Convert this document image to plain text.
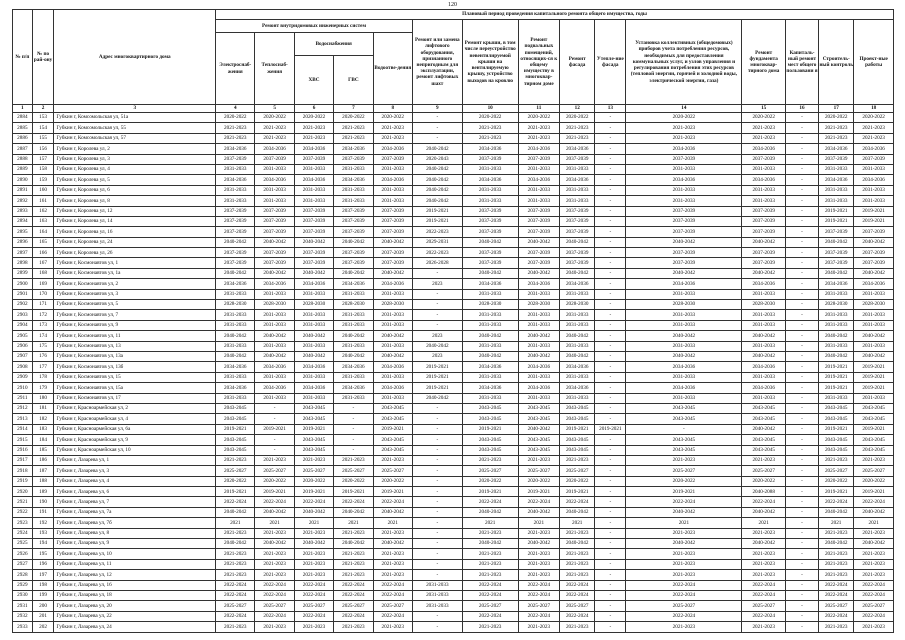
120
№ п/п	№ по рай-ону	Адрес многоквартирного дома	Плановый период проведения капитального ремонта общего имущества, годы														
			Ремонт внутридомовых инженерных систем					Ремонт или замена лифтового оборудования, признанного непригодным для эксплуатации, ремонт лифтовых шахт	Ремонт крыши, в том числе переустройство невентилируемой крыши на вентилируемую крышу, устройство выходов на кровлю	Ремонт подвальных помещений, относящих-ся к общему имуществу в многоквар-тирном доме	Ремонт фасада	Утепле-ние фасада	Установка коллективных (общедомовых) приборов учета потребления ресурсов, необходимых для предоставления коммунальных услуг, и узлов управления и регулирования потребления этих ресурсов (тепловой энергии, горячей и холодной воды, электрической энергии, газа)	Ремонт фундамента многоквар-тирного дома	Капиталь-ный ремонт мест общего пользовани я	Строитель-ный контроль	Проект-ные работы
			Электроснаб-жения	Теплоснаб-жения	Водоснабжения		Водоотве-дения										
					ХВС	ГВС											
1	2	3	4	5	6	7	8	9	10	11	12	13	14	15	16	17	18
2884	153	Губкин г, Комсомольская ул, 51а	2020-2022	2020-2022	2020-2022	2020-2022	2020-2022	-	2020-2022	2020-2022	2020-2022	-	2020-2022	2020-2022	-	2020-2022	2020-2022
2885	154	Губкин г, Комсомольская ул, 55	2021-2023	2021-2023	2021-2023	2021-2023	2021-2023	-	2021-2023	2021-2023	2021-2023	-	2021-2023	2021-2023	-	2021-2023	2021-2023
2886	155	Губкин г, Комсомольская ул, 57	2021-2023	2021-2023	2021-2023	2021-2023	2021-2023	-	2021-2023	2021-2023	2021-2023	-	2021-2023	2021-2023	-	2021-2023	2021-2023
2887	156	Губкин г, Королева ул, 2	2034-2036	2034-2036	2034-2036	2034-2036	2034-2036	2040-2042	2034-2036	2034-2036	2034-2036	-	2034-2036	2034-2036	-	2034-2036	2034-2036
2888	157	Губкин г, Королева ул, 3	2037-2039	2037-2039	2037-2039	2037-2039	2037-2039	2020-2043	2037-2039	2037-2039	2037-2039	-	2037-2039	2037-2039	-	2037-2039	2037-2039
2889	158	Губкин г, Королева ул, 4	2031-2033	2031-2033	2031-2033	2031-2033	2031-2033	2040-2042	2031-2033	2031-2033	2031-2033	-	2031-2033	2031-2033	-	2031-2033	2031-2033
2890	159	Губкин г, Королева ул, 5	2034-2036	2034-2036	2034-2036	2034-2036	2034-2036	2040-2042	2034-2036	2034-2036	2034-2036	-	2034-2036	2034-2036	-	2034-2036	2034-2036
2891	160	Губкин г, Королева ул, 6	2031-2033	2031-2033	2031-2033	2031-2033	2031-2033	2040-2042	2031-2033	2031-2033	2031-2033	-	2031-2033	2031-2033	-	2031-2033	2031-2033
2892	161	Губкин г, Королева ул, 8	2031-2033	2031-2033	2031-2033	2031-2033	2031-2033	2040-2042	2031-2033	2031-2033	2031-2033	-	2031-2033	2031-2033	-	2031-2033	2031-2033
2893	162	Губкин г, Королева ул, 12	2037-2039	2037-2039	2037-2039	2037-2039	2037-2039	2019-2021	2037-2039	2037-2039	2037-2039	-	2037-2039	2037-2039	-	2019-2021	2019-2021
2894	163	Губкин г, Королева ул, 14	2037-2039	2037-2039	2037-2039	2037-2039	2037-2039	2019-2021	2037-2039	2037-2039	2037-2039	-	2037-2039	2037-2039	-	2019-2021	2019-2021
2895	164	Губкин г, Королева ул, 16	2037-2039	2037-2039	2037-2039	2037-2039	2037-2039	2022-2023	2037-2039	2037-2039	2037-2039	-	2037-2039	2037-2039	-	2037-2039	2037-2039
2896	165	Губкин г, Королева ул, 24	2040-2042	2040-2042	2040-2042	2040-2042	2040-2042	2029-2031	2040-2042	2040-2042	2040-2042	-	2040-2042	2040-2042	-	2040-2042	2040-2042
2897	166	Губкин г, Королева ул, 26	2037-2039	2037-2039	2037-2039	2037-2039	2037-2039	2022-2023	2037-2039	2037-2039	2037-2039	-	2037-2039	2037-2039	-	2037-2039	2037-2039
2898	167	Губкин г, Космонавтов ул, 1	2037-2039	2037-2039	2037-2039	2037-2039	2037-2039	2026-2028	2037-2039	2037-2039	2037-2039	-	2037-2039	2037-2039	-	2037-2039	2037-2039
2899	168	Губкин г, Космонавтов ул, 1а	2040-2042	2040-2042	2040-2042	2040-2042	2040-2042	-	2040-2042	2040-2042	2040-2042	-	2040-2042	2040-2042	-	2040-2042	2040-2042
2900	169	Губкин г, Космонавтов ул, 2	2034-2036	2034-2036	2034-2036	2034-2036	2034-2036	2023	2034-2036	2034-2036	2034-2036	-	2034-2036	2034-2036	-	2034-2036	2034-2036
2901	170	Губкин г, Космонавтов ул, 3	2031-2033	2031-2033	2031-2033	2031-2033	2031-2033	-	2031-2033	2031-2033	2031-2033	-	2031-2033	2031-2033	-	2031-2033	2031-2033
2902	171	Губкин г, Космонавтов ул, 5	2028-2030	2028-2030	2028-2030	2028-2030	2028-2030	-	2028-2030	2028-2030	2028-2030	-	2028-2030	2028-2030	-	2028-2030	2028-2030
2903	172	Губкин г, Космонавтов ул, 7	2031-2033	2031-2033	2031-2033	2031-2033	2031-2033	-	2031-2033	2031-2033	2031-2033	-	2031-2033	2031-2033	-	2031-2033	2031-2033
2904	173	Губкин г, Космонавтов ул, 9	2031-2033	2031-2033	2031-2033	2031-2033	2031-2033	-	2031-2033	2031-2033	2031-2033	-	2031-2033	2031-2033	-	2031-2033	2031-2033
2905	174	Губкин г, Космонавтов ул, 11	2040-2042	2040-2042	2040-2042	2040-2042	2040-2042	2023	2040-2042	2040-2042	2040-2042	-	2040-2042	2040-2042	-	2040-2042	2040-2042
2906	175	Губкин г, Космонавтов ул, 13	2031-2033	2031-2033	2031-2033	2031-2033	2031-2033	2040-2042	2031-2033	2031-2033	2031-2033	-	2031-2033	2031-2033	-	2031-2033	2031-2033
2907	176	Губкин г, Космонавтов ул, 13а	2040-2042	2040-2042	2040-2042	2040-2042	2040-2042	2023	2040-2042	2040-2042	2040-2042	-	2040-2042	2040-2042	-	2040-2042	2040-2042
2908	177	Губкин г, Космонавтов ул, 13б	2034-2036	2034-2036	2034-2036	2034-2036	2034-2036	2019-2021	2034-2036	2034-2036	2034-2036	-	2034-2036	2034-2036	-	2019-2021	2019-2021
2909	178	Губкин г, Космонавтов ул, 15	2031-2033	2031-2033	2031-2033	2031-2033	2031-2033	2019-2021	2031-2033	2031-2033	2031-2033	-	2031-2033	2031-2033	-	2019-2021	2019-2021
2910	179	Губкин г, Космонавтов ул, 15а	2034-2036	2034-2036	2034-2036	2034-2036	2034-2036	2019-2021	2034-2036	2034-2036	2034-2036	-	2034-2036	2034-2036	-	2019-2021	2019-2021
2911	180	Губкин г, Космонавтов ул, 17	2031-2033	2031-2033	2031-2033	2031-2033	2031-2033	2040-2042	2031-2033	2031-2033	2031-2033	-	2031-2033	2031-2033	-	2031-2033	2031-2033
2912	181	Губкин г, Красноармейская ул, 2	2043-2045	-	2043-2045	-	2043-2045	-	2043-2045	2043-2045	2043-2045	-	2043-2045	2043-2045	-	2043-2045	2043-2045
2913	182	Губкин г, Красноармейская ул, 4	2043-2045	-	2043-2045	-	2043-2045	-	2043-2045	2043-2045	2043-2045	-	2043-2045	2043-2045	-	2043-2045	2043-2045
2914	183	Губкин г, Красноармейская ул, 6а	2019-2021	2019-2021	2019-2021	-	2019-2021	-	2019-2021	2040-2042	2019-2021	2019-2021	-	2040-2042	-	2019-2021	2019-2021
2915	184	Губкин г, Красноармейская ул, 9	2043-2045	-	2043-2045	-	2043-2045	-	2043-2045	2043-2045	2043-2045	-	2043-2045	2043-2045	-	2043-2045	2043-2045
2916	185	Губкин г, Красноармейская ул, 10	2043-2045	-	2043-2045	-	2043-2045	-	2043-2045	2043-2045	2043-2045	-	2043-2045	2043-2045	-	2043-2045	2043-2045
2917	186	Губкин г, Лазарева ул, 1	2021-2023	2021-2023	2021-2023	2021-2023	2021-2023	-	2021-2023	2021-2023	2021-2023	-	2021-2023	2021-2023	-	2021-2023	2021-2023
2918	187	Губкин г, Лазарева ул, 3	2025-2027	2025-2027	2025-2027	2025-2027	2025-2027	-	2025-2027	2025-2027	2025-2027	-	2025-2027	2025-2027	-	2025-2027	2025-2027
2919	188	Губкин г, Лазарева ул, 4	2020-2022	2020-2022	2020-2022	2020-2022	2020-2022	-	2020-2022	2020-2022	2020-2022	-	2020-2022	2020-2022	-	2020-2022	2020-2022
2920	189	Губкин г, Лазарева ул, 6	2019-2021	2019-2021	2019-2021	2019-2021	2019-2021	-	2019-2021	2019-2021	2019-2021	-	2019-2021	2040-2088	-	2019-2021	2019-2021
2921	190	Губкин г, Лазарева ул, 7	2022-2024	2022-2024	2022-2024	2022-2024	2022-2024	-	2022-2024	2022-2024	2022-2024	-	2022-2024	2022-2024	-	2022-2024	2022-2024
2922	191	Губкин г, Лазарева ул, 7а	2040-2042	2040-2042	2040-2042	2040-2042	2040-2042	-	2040-2042	2040-2042	2040-2042	-	2040-2042	2040-2042	-	2040-2042	2040-2042
2923	192	Губкин г, Лазарева ул, 7б	2021	2021	2021	2021	2021	-	2021	2021	2021	-	2021	2021	-	2021	2021
2924	193	Губкин г, Лазарева ул, 8	2021-2023	2021-2023	2021-2023	2021-2023	2021-2023	-	2021-2023	2021-2023	2021-2023	-	2021-2023	2021-2023	-	2021-2023	2021-2023
2925	194	Губкин г, Лазарева ул, 9	2040-2042	2040-2042	2040-2042	2040-2042	2040-2042	-	2040-2042	2040-2042	2040-2042	-	2040-2042	2040-2042	-	2040-2042	2040-2042
2926	195	Губкин г, Лазарева ул, 10	2021-2023	2021-2023	2021-2023	2021-2023	2021-2023	-	2021-2023	2021-2023	2021-2023	-	2021-2023	2021-2023	-	2021-2023	2021-2023
2927	196	Губкин г, Лазарева ул, 11	2021-2023	2021-2023	2021-2023	2021-2023	2021-2023	-	2021-2023	2021-2023	2021-2023	-	2021-2023	2021-2023	-	2021-2023	2021-2023
2928	197	Губкин г, Лазарева ул, 12	2021-2023	2021-2023	2021-2023	2021-2023	2021-2023	-	2021-2023	2021-2023	2021-2023	-	2021-2023	2021-2023	-	2021-2023	2021-2023
2929	198	Губкин г, Лазарева ул, 16	2022-2024	2022-2024	2022-2024	2022-2024	2022-2024	2031-2033	2022-2024	2022-2024	2022-2024	-	2022-2024	2022-2024	-	2022-2024	2022-2024
2930	199	Губкин г, Лазарева ул, 18	2022-2024	2022-2024	2022-2024	2022-2024	2022-2024	2031-2033	2022-2024	2022-2024	2022-2024	-	2022-2024	2022-2024	-	2022-2024	2022-2024
2931	200	Губкин г, Лазарева ул, 20	2025-2027	2025-2027	2025-2027	2025-2027	2025-2027	2031-2033	2025-2027	2025-2027	2025-2027	-	2025-2027	2025-2027	-	2025-2027	2025-2027
2932	201	Губкин г, Лазарева ул, 22	2022-2024	2022-2024	2022-2024	2022-2024	2022-2024	-	2022-2024	2022-2024	2022-2024	-	2022-2024	2022-2024	-	2022-2024	2022-2024
2933	202	Губкин г, Лазарева ул, 24	2021-2023	2021-2023	2021-2023	2021-2023	2021-2023	-	2021-2023	2021-2023	2021-2023	-	2021-2023	2021-2023	-	2021-2023	2021-2023
